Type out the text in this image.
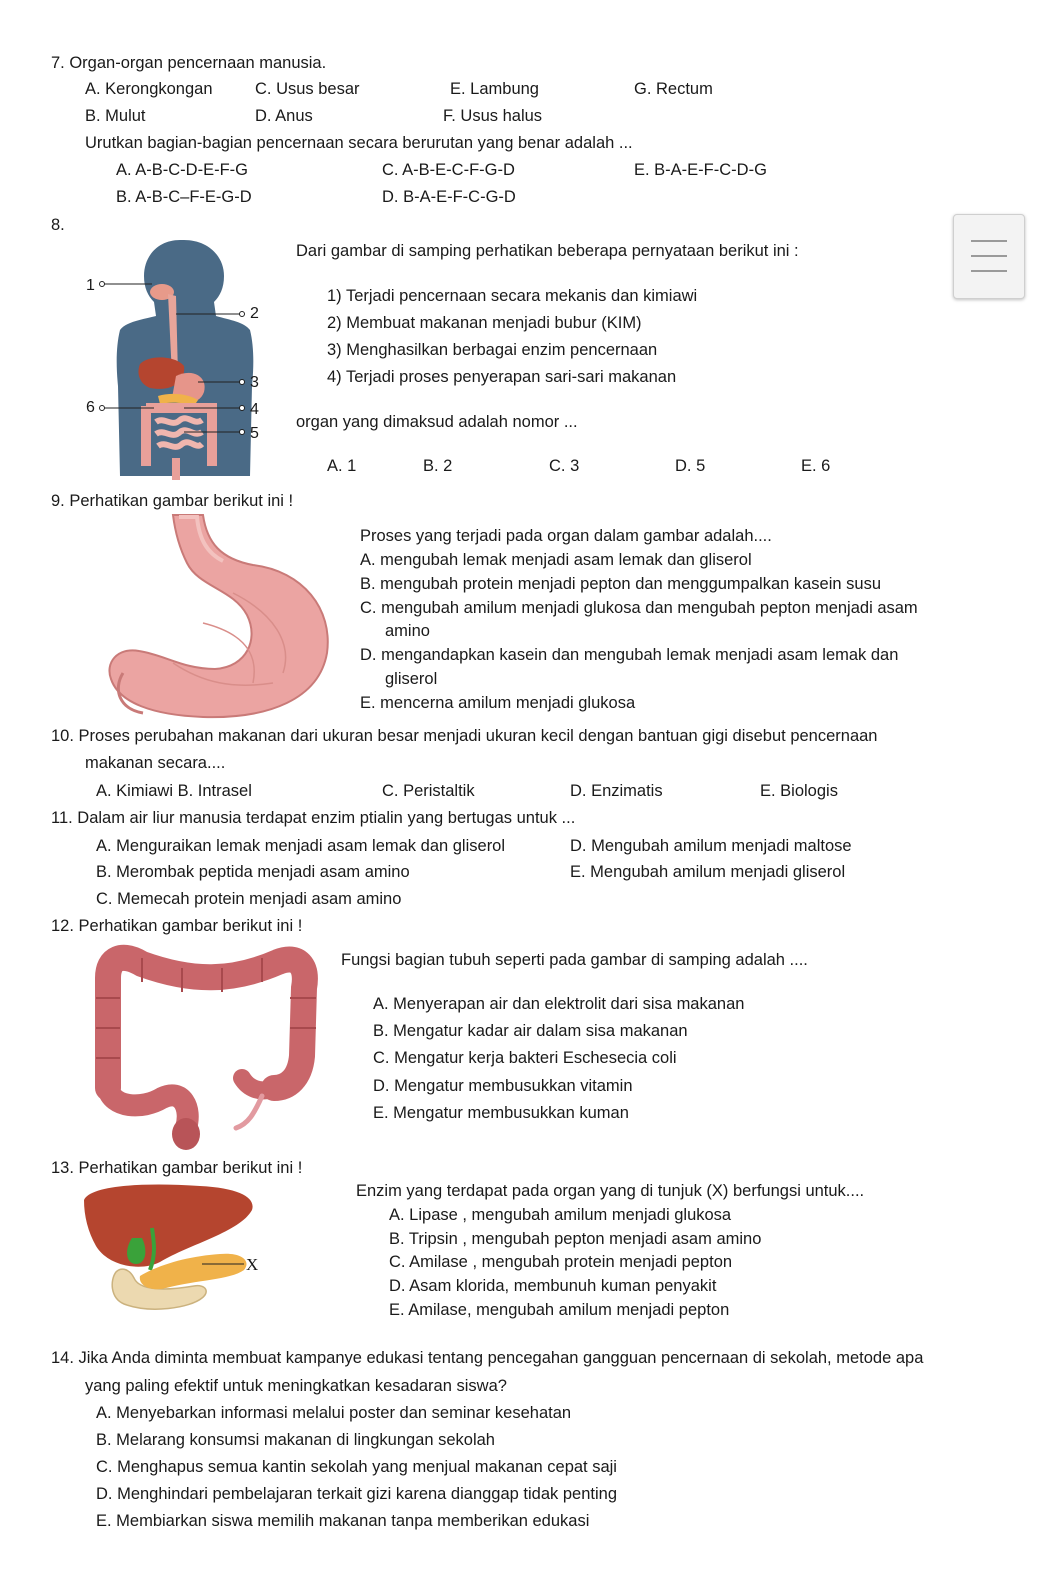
7. Organ-organ pencernaan manusia.
A. Kerongkongan	C. Usus besar	E. Lambung	G. Rectum
B. Mulut	D. Anus	F. Usus halus
Urutkan bagian-bagian pencernaan secara berurutan yang benar adalah ...
A. A-B-C-D-E-F-G	C. A-B-E-C-F-G-D	E. B-A-E-F-C-D-G
B. A-B-C–F-E-G-D	D. B-A-E-F-C-G-D
8.
1
2
3
4
5
6
Dari gambar di samping perhatikan beberapa pernyataan berikut ini :
1) Terjadi pencernaan secara mekanis dan kimiawi
2) Membuat makanan menjadi bubur (KIM)
3) Menghasilkan berbagai enzim pencernaan
4) Terjadi proses penyerapan sari-sari makanan
organ yang dimaksud adalah nomor ...
A. 1	B. 2	C. 3	D. 5	E. 6
9. Perhatikan gambar berikut ini !
Proses yang terjadi pada organ dalam gambar adalah....
A. mengubah lemak menjadi asam lemak dan gliserol
B. mengubah protein menjadi pepton dan menggumpalkan kasein susu
C. mengubah amilum menjadi glukosa dan mengubah pepton menjadi asam
amino
D. mengandapkan kasein dan mengubah lemak menjadi asam lemak dan
gliserol
E. mencerna amilum menjadi glukosa
10. Proses perubahan makanan dari ukuran besar menjadi ukuran kecil dengan bantuan gigi disebut pencernaan
makanan secara....
A. Kimiawi B. Intrasel	C. Peristaltik	D. Enzimatis	E. Biologis
11. Dalam air liur manusia terdapat enzim ptialin yang bertugas untuk ...
A. Menguraikan lemak menjadi asam lemak dan gliserol	D. Mengubah amilum menjadi maltose
B. Merombak peptida menjadi asam amino	E. Mengubah amilum menjadi gliserol
C. Memecah protein menjadi asam amino
12. Perhatikan gambar berikut ini !
Fungsi bagian tubuh seperti pada gambar di samping adalah ....
A. Menyerapan air dan elektrolit dari sisa makanan
B. Mengatur kadar air dalam sisa makanan
C. Mengatur kerja bakteri Eschesecia coli
D. Mengatur membusukkan vitamin
E. Mengatur membusukkan kuman
13. Perhatikan gambar berikut ini !
X
Enzim yang terdapat pada organ yang di tunjuk (X) berfungsi untuk....
A. Lipase , mengubah amilum menjadi glukosa
B. Tripsin , mengubah pepton menjadi asam amino
C. Amilase , mengubah protein menjadi pepton
D. Asam klorida, membunuh kuman penyakit
E. Amilase, mengubah amilum menjadi pepton
14. Jika Anda diminta membuat kampanye edukasi tentang pencegahan gangguan pencernaan di sekolah, metode apa
yang paling efektif untuk meningkatkan kesadaran siswa?
A. Menyebarkan informasi melalui poster dan seminar kesehatan
B. Melarang konsumsi makanan di lingkungan sekolah
C. Menghapus semua kantin sekolah yang menjual makanan cepat saji
D. Menghindari pembelajaran terkait gizi karena dianggap tidak penting
E. Membiarkan siswa memilih makanan tanpa memberikan edukasi
